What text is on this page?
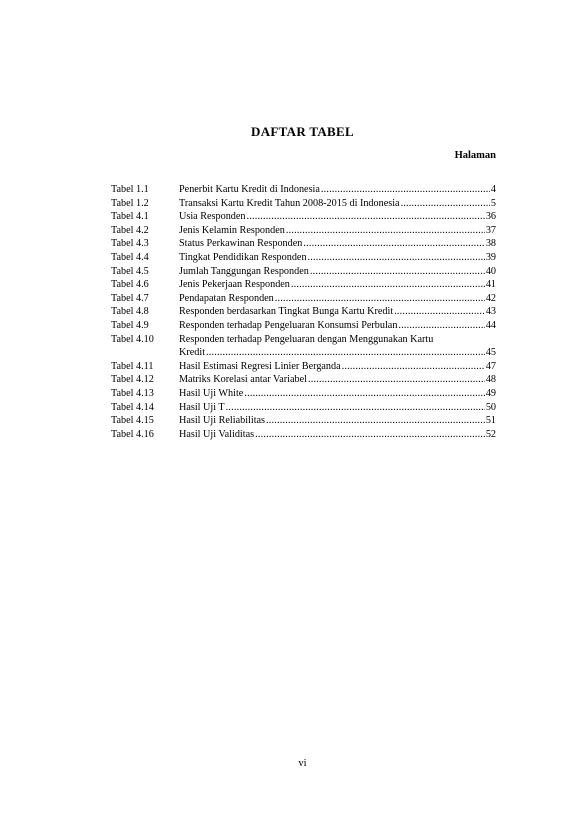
DAFTAR TABEL
Halaman
Tabel 1.1	Penerbit Kartu Kredit di Indonesia .....	4
Tabel 1.2	Transaksi Kartu Kredit Tahun 2008-2015 di Indonesia .....	5
Tabel 4.1	Usia Responden .....	36
Tabel 4.2	Jenis Kelamin Responden .....	37
Tabel 4.3	Status Perkawinan Responden .....	38
Tabel 4.4	Tingkat Pendidikan Responden .....	39
Tabel 4.5	Jumlah Tanggungan Responden .....	40
Tabel 4.6	Jenis Pekerjaan Responden .....	41
Tabel 4.7	Pendapatan Responden .....	42
Tabel 4.8	Responden berdasarkan Tingkat Bunga Kartu Kredit .....	43
Tabel 4.9	Responden terhadap Pengeluaran Konsumsi Perbulan .....	44
Tabel 4.10	Responden terhadap Pengeluaran dengan Menggunakan Kartu
Kredit .....	45
Tabel 4.11	Hasil Estimasi Regresi Linier Berganda .....	47
Tabel 4.12	Matriks Korelasi antar Variabel .....	48
Tabel 4.13	Hasil Uji White .....	49
Tabel 4.14	Hasil Uji T .....	50
Tabel 4.15	Hasil Uji Reliabilitas .....	51
Tabel 4.16	Hasil Uji Validitas .....	52
vi
